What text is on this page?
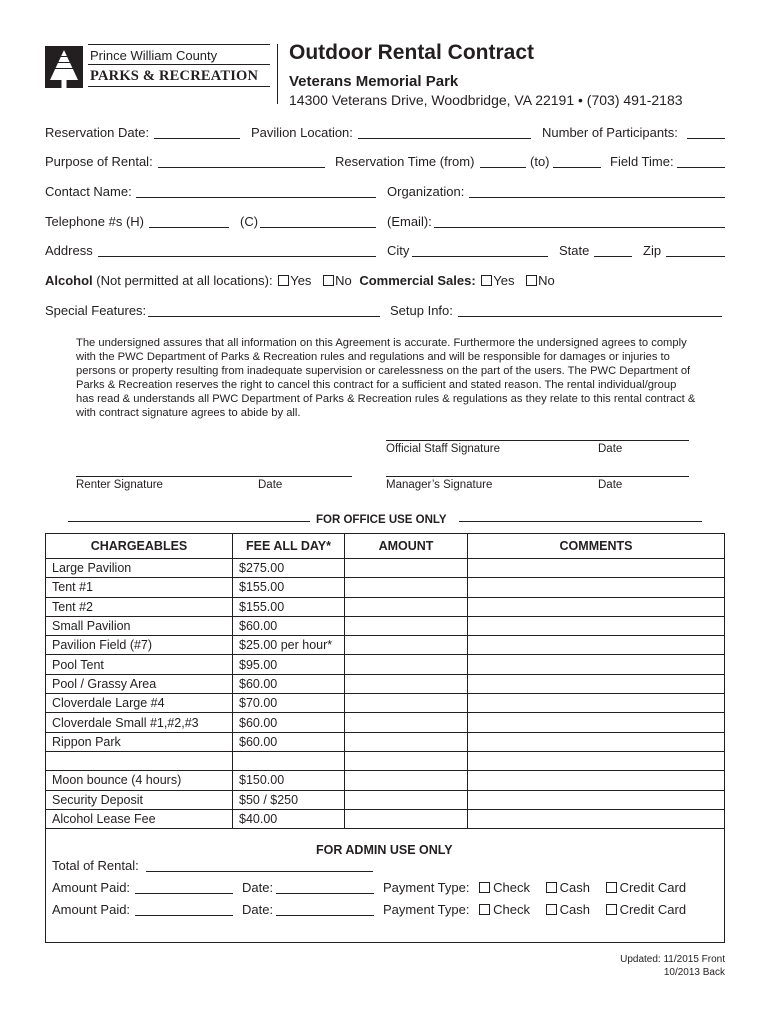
Prince William County
PARKS & RECREATION
Outdoor Rental Contract
Veterans Memorial Park
14300 Veterans Drive, Woodbridge, VA 22191 • (703) 491-2183
Reservation Date:	Pavilion Location:	Number of Participants:
Purpose of Rental:	Reservation Time (from)	(to)	Field Time:
Contact Name:	Organization:
Telephone #s (H)	(C)	(Email):
Address	City	State	Zip
Alcohol (Not permitted at all locations): Yes No Commercial Sales: Yes No
Special Features:	Setup Info:
The undersigned assures that all information on this Agreement is accurate. Furthermore the undersigned agrees to comply with the PWC Department of Parks & Recreation rules and regulations and will be responsible for damages or injuries to persons or property resulting from inadequate supervision or carelessness on the part of the users. The PWC Department of Parks & Recreation reserves the right to cancel this contract for a sufficient and stated reason. The rental individual/group has read & understands all PWC Department of Parks & Recreation rules & regulations as they relate to this rental contract & with contract signature agrees to abide by all.
Official Staff Signature	Date
Renter Signature	Date	Manager’s Signature	Date
FOR OFFICE USE ONLY
CHARGEABLES	FEE ALL DAY*	AMOUNT	COMMENTS
Large Pavilion	$275.00		
Tent #1	$155.00		
Tent #2	$155.00		
Small Pavilion	$60.00		
Pavilion Field (#7)	$25.00 per hour*		
Pool Tent	$95.00		
Pool / Grassy Area	$60.00		
Cloverdale Large #4	$70.00		
Cloverdale Small #1,#2,#3	$60.00		
Rippon Park	$60.00		

Moon bounce (4 hours)	$150.00		
Security Deposit	$50 / $250		
Alcohol Lease Fee	$40.00		
FOR ADMIN USE ONLY
Total of Rental:
Amount Paid:	Date:	Payment Type: Check Cash Credit Card
Amount Paid:	Date:	Payment Type: Check Cash Credit Card
Updated: 11/2015 Front
10/2013 Back
